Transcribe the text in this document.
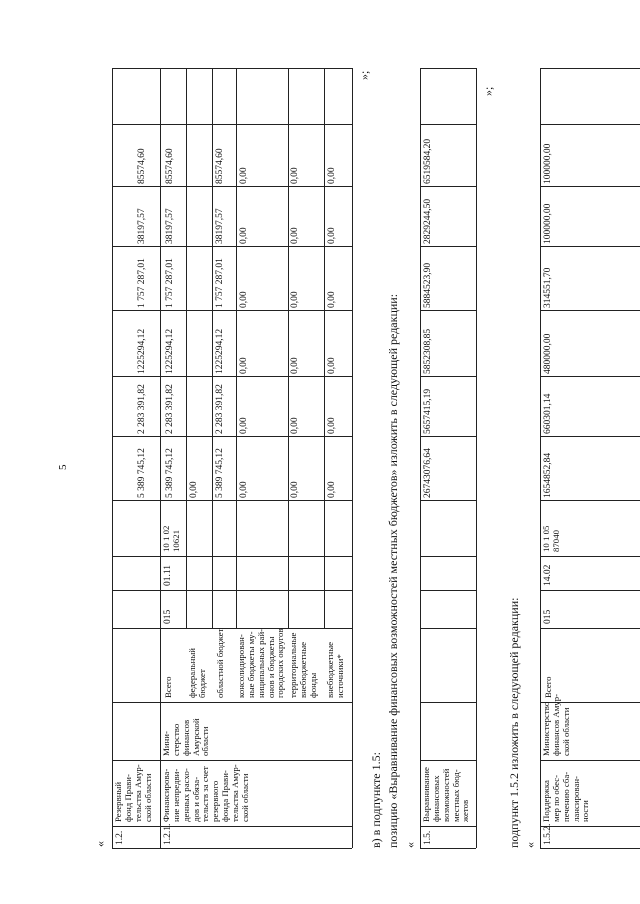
5
« 1.2.
Резервный
фонд Прави-
тельства Амур-
ской области
5 389 745,12
2 283 391,82
1225294,12
1 757 287,01
38197,57
85574,60
1.2.1.
Финансирова-
ние непредви-
денных расхо-
дов и обяза-
тельств за счет
резервного
фонда Прави-
тельства Амур-
ской области
Мини-
стерство
финансов
Амурской
области
Всего
015
01.11
10 1 02
10621
5 389 745,12
2 283 391,82
1225294,12
1 757 287,01
38197,57
85574,60
федеральный
бюджет
0,00
областной бюджет
5 389 745,12
2 283 391,82
1225294,12
1 757 287,01
38197,57
85574,60
консолидирован-
ные бюджеты му-
ниципальных рай-
онов и бюджеты
городских округов
0,00
0,00
0,00
0,00
0,00
0,00
территориальные
внебюджетные
фонды
0,00
0,00
0,00
0,00
0,00
0,00
внебюджетные
источники*
0,00
0,00
0,00
0,00
0,00
0,00
»;
в) в подпункте 1.5: позицию «Выравнивание финансовых возможностей местных бюджетов» изложить в следующей редакции: « 1.5.
Выравнивание
финансовых
возможностей
местных бюд-
жетов
26743076,64
5657415,19
5852308,85
5884523,90
2829244,50
6519584,20
»;
подпункт 1.5.2 изложить в следующей редакции: « 1.5.2.
Поддержка
мер по обес-
печению сба-
лансирован-
ности
Министерство
финансов Амур-
ской области
Всего
015
14.02
10 1 05
87040
1654852,84
660301,14
480000,00
314551,70
100000,00
100000,00
